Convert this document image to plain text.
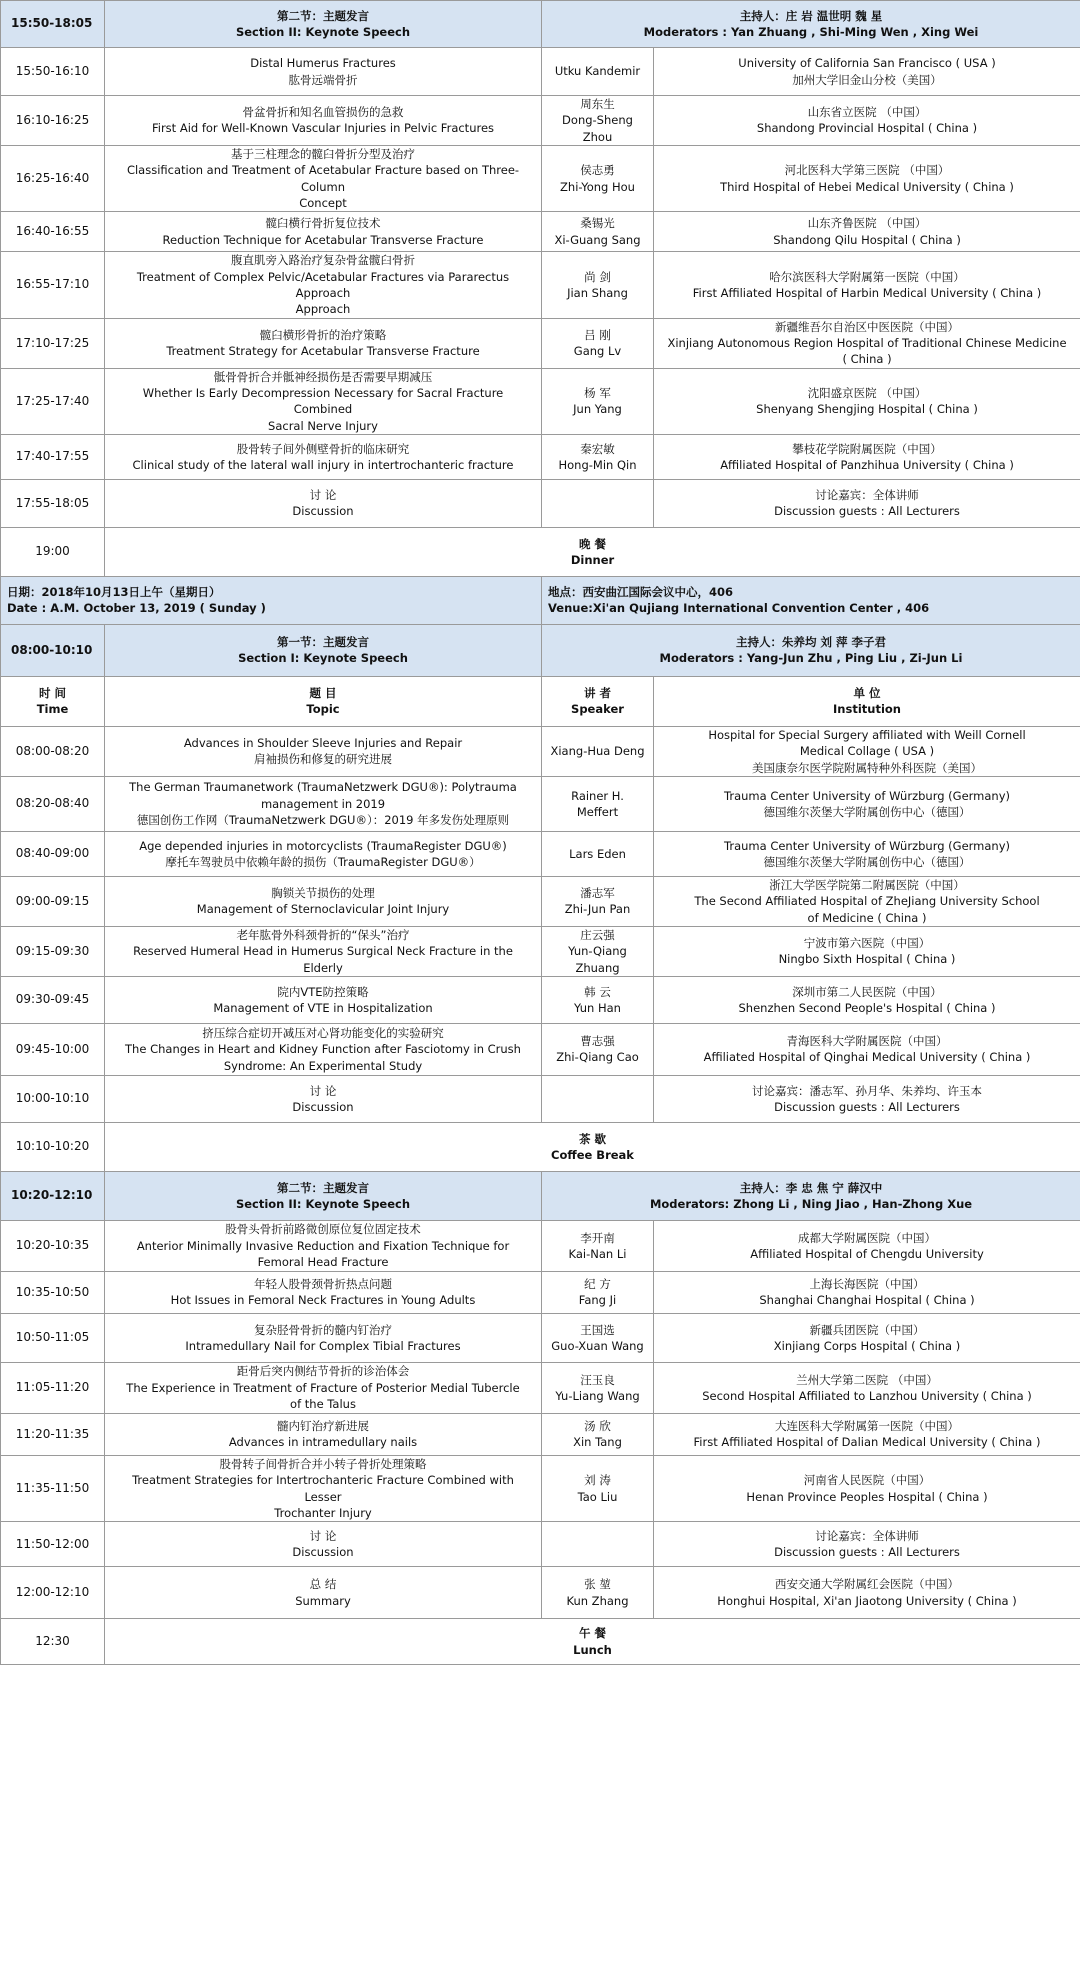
15:50-18:05	第二节：主题发言
Section II: Keynote Speech	主持人：庄 岩 温世明 魏 星
Moderators : Yan Zhuang , Shi-Ming Wen , Xing Wei	

15:50-16:10	Distal Humerus Fractures
肱骨远端骨折	Utku Kandemir	University of California San Francisco ( USA )
加州大学旧金山分校（美国）

16:10-16:25	骨盆骨折和知名血管损伤的急救
First Aid for Well-Known Vascular Injuries in Pelvic Fractures	周东生
Dong-Sheng
Zhou	山东省立医院 （中国）
Shandong Provincial Hospital ( China )

16:25-16:40	基于三柱理念的髋臼骨折分型及治疗
Classification and Treatment of Acetabular Fracture based on Three-Column
Concept	侯志勇
Zhi-Yong Hou	河北医科大学第三医院 （中国）
Third Hospital of Hebei Medical University ( China )

16:40-16:55	髋臼横行骨折复位技术
Reduction Technique for Acetabular Transverse Fracture	桑锡光
Xi-Guang Sang	山东齐鲁医院 （中国）
Shandong Qilu Hospital ( China )

16:55-17:10	腹直肌旁入路治疗复杂骨盆髋臼骨折
Treatment of Complex Pelvic/Acetabular Fractures via Pararectus Approach
Approach	尚 剑
Jian Shang	哈尔滨医科大学附属第一医院（中国）
First Affiliated Hospital of Harbin Medical University ( China )

17:10-17:25	髋臼横形骨折的治疗策略
Treatment Strategy for Acetabular Transverse Fracture	吕 刚
Gang Lv	新疆维吾尔自治区中医医院（中国）
Xinjiang Autonomous Region Hospital of Traditional Chinese Medicine
( China )

17:25-17:40	骶骨骨折合并骶神经损伤是否需要早期减压
Whether Is Early Decompression Necessary for Sacral Fracture Combined
Sacral Nerve Injury	杨 军
Jun Yang	沈阳盛京医院 （中国）
Shenyang Shengjing Hospital ( China )

17:40-17:55	股骨转子间外侧壁骨折的临床研究
Clinical study of the lateral wall injury in intertrochanteric fracture	秦宏敏
Hong-Min Qin	攀枝花学院附属医院（中国）
Affiliated Hospital of Panzhihua University ( China )

17:55-18:05	讨 论
Discussion		讨论嘉宾：全体讲师
Discussion guests : All Lecturers

19:00	晚 餐
Dinner		

日期：2018年10月13日上午（星期日）
Date : A.M. October 13, 2019 ( Sunday )		地点：西安曲江国际会议中心，406
Venue:Xi'an Qujiang International Convention Center , 406	

08:00-10:10	第一节：主题发言
Section I: Keynote Speech	主持人：朱养均 刘 萍 李子君
Moderators : Yang-Jun Zhu , Ping Liu , Zi-Jun Li	

时 间
Time	题 目
Topic	讲 者
Speaker	单 位
Institution

08:00-08:20	Advances in Shoulder Sleeve Injuries and Repair
肩袖损伤和修复的研究进展	Xiang-Hua Deng	Hospital for Special Surgery affiliated with Weill Cornell
Medical Collage ( USA )
美国康奈尔医学院附属特种外科医院（美国）

08:20-08:40	The German Traumanetwork (TraumaNetzwerk DGU®): Polytrauma
management in 2019
德国创伤工作网（TraumaNetzwerk DGU®）：2019 年多发伤处理原则	Rainer H.
Meffert	Trauma Center University of Würzburg (Germany)
德国维尔茨堡大学附属创伤中心（德国）

08:40-09:00	Age depended injuries in motorcyclists (TraumaRegister DGU®)
摩托车驾驶员中依赖年龄的损伤（TraumaRegister DGU®）	Lars Eden	Trauma Center University of Würzburg (Germany)
德国维尔茨堡大学附属创伤中心（德国）

09:00-09:15	胸锁关节损伤的处理
Management of Sternoclavicular Joint Injury	潘志军
Zhi-Jun Pan	浙江大学医学院第二附属医院（中国）
The Second Affiliated Hospital of ZheJiang University School
of Medicine ( China )

09:15-09:30	老年肱骨外科颈骨折的“保头”治疗
Reserved Humeral Head in Humerus Surgical Neck Fracture in the Elderly	庄云强
Yun-Qiang
Zhuang	宁波市第六医院（中国）
Ningbo Sixth Hospital ( China )

09:30-09:45	院内VTE防控策略
Management of VTE in Hospitalization	韩 云
Yun Han	深圳市第二人民医院（中国）
Shenzhen Second People's Hospital ( China )

09:45-10:00	挤压综合症切开减压对心肾功能变化的实验研究
The Changes in Heart and Kidney Function after Fasciotomy in Crush
Syndrome: An Experimental Study	曹志强
Zhi-Qiang Cao	青海医科大学附属医院（中国）
Affiliated Hospital of Qinghai Medical University ( China )

10:00-10:10	讨 论
Discussion		讨论嘉宾：潘志军、孙月华、朱养均、许玉本
Discussion guests : All Lecturers

10:10-10:20	茶 歇
Coffee Break		

10:20-12:10	第二节：主题发言
Section II: Keynote Speech	主持人：李 忠 焦 宁 薛汉中
Moderators: Zhong Li , Ning Jiao , Han-Zhong Xue	

10:20-10:35	股骨头骨折前路微创原位复位固定技术
Anterior Minimally Invasive Reduction and Fixation Technique for
Femoral Head Fracture	李开南
Kai-Nan Li	成都大学附属医院（中国）
Affiliated Hospital of Chengdu University

10:35-10:50	年轻人股骨颈骨折热点问题
Hot Issues in Femoral Neck Fractures in Young Adults	纪 方
Fang Ji	上海长海医院（中国）
Shanghai Changhai Hospital ( China )

10:50-11:05	复杂胫骨骨折的髓内钉治疗
Intramedullary Nail for Complex Tibial Fractures	王国选
Guo-Xuan Wang	新疆兵团医院（中国）
Xinjiang Corps Hospital ( China )

11:05-11:20	距骨后突内侧结节骨折的诊治体会
The Experience in Treatment of Fracture of Posterior Medial Tubercle
of the Talus	汪玉良
Yu-Liang Wang	兰州大学第二医院 （中国）
Second Hospital Affiliated to Lanzhou University ( China )

11:20-11:35	髓内钉治疗新进展
Advances in intramedullary nails	汤 欣
Xin Tang	大连医科大学附属第一医院（中国）
First Affiliated Hospital of Dalian Medical University ( China )

11:35-11:50	股骨转子间骨折合并小转子骨折处理策略
Treatment Strategies for Intertrochanteric Fracture Combined with Lesser
Trochanter Injury	刘 涛
Tao Liu	河南省人民医院（中国）
Henan Province Peoples Hospital ( China )

11:50-12:00	讨 论
Discussion		讨论嘉宾：全体讲师
Discussion guests : All Lecturers

12:00-12:10	总 结
Summary	张 堃
Kun Zhang	西安交通大学附属红会医院（中国）
Honghui Hospital, Xi'an Jiaotong University ( China )

12:30	午 餐
Lunch		
